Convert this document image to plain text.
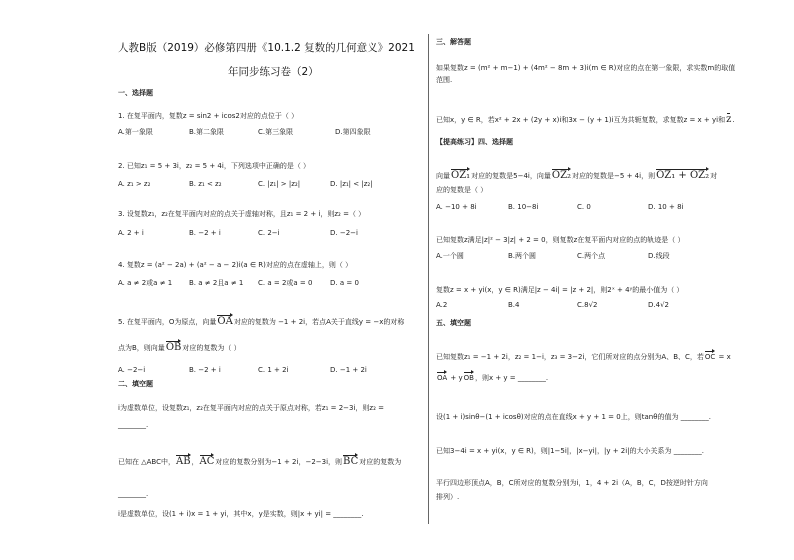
人教B版（2019）必修第四册《10.1.2 复数的几何意义》2021
年同步练习卷（2）
一、选择题
1. 在复平面内，复数z = sin2 + icos2对应的点位于（ ）
A.第一象限	B.第二象限	C.第三象限	D.第四象限
2. 已知z₁ = 5 + 3i，z₂ = 5 + 4i，下列选项中正确的是（ ）
A. z₁ > z₂	B. z₁ < z₂	C. |z₁| > |z₂|	D. |z₁| < |z₂|
3. 设复数z₁，z₂在复平面内对应的点关于虚轴对称，且z₁ = 2 + i，则z₂ =（ ）
A. 2 + i	B. −2 + i	C. 2−i	D. −2−i
4. 复数z = (a² − 2a) + (a² − a − 2)i(a ∈ R)对应的点在虚轴上，则（ ）
A. a ≠ 2或a ≠ 1 B. a ≠ 2且a ≠ 1 C. a = 2或a = 0	D. a = 0
5. 在复平面内，O为原点，向量OA对应的复数为 −1 + 2i，若点A关于直线y = −x的对称
点为B，则向量OB对应的复数为（ ）
A. −2−i	B. −2 + i	C. 1 + 2i	D. −1 + 2i
二、填空题
i为虚数单位，设复数z₁，z₂在复平面内对应的点关于原点对称，若z₁ = 2−3i，则z₂ =
________.
已知在 △ABC中，AB，AC对应的复数分别为−1 + 2i，−2−3i，则BC对应的复数为
________.
i是虚数单位，设(1 + i)x = 1 + yi，其中x，y是实数，则|x + yi| = ________.
三、解答题
如果复数z = (m² + m−1) + (4m² − 8m + 3)i(m ∈ R)对应的点在第一象限，求实数m的取值
范围.
已知x，y ∈ R，若x² + 2x + (2y + x)i和3x − (y + 1)i互为共轭复数，求复数z = x + yi和z.
【提高练习】四、选择题
向量OZ₁对应的复数是5−4i，向量OZ₂对应的复数是−5 + 4i，则OZ₁ + OZ₂对
应的复数是（ ）
A. −10 + 8i	B. 10−8i	C. 0	D. 10 + 8i
已知复数z满足|z|² − 3|z| + 2 = 0，则复数z在复平面内对应的点的轨迹是（ ）
A.一个圆	B.两个圆	C.两个点	D.线段
复数z = x + yi(x，y ∈ R)满足|z − 4i| = |z + 2|，则2ˣ + 4ʸ的最小值为（ ）
A.2	B.4	C.8√2	D.4√2
五、填空题
已知复数z₁ = −1 + 2i，z₂ = 1−i，z₃ = 3−2i，它们所对应的点分别为A、B、C，若OC = x
OA + yOB，则x + y = ________.
设(1 + i)sinθ−(1 + icosθ)对应的点在直线x + y + 1 = 0上，则tanθ的值为 ________.
已知3−4i = x + yi(x，y ∈ R)，则|1−5i|，|x−yi|，|y + 2i|的大小关系为 ________.
平行四边形顶点A，B，C所对应的复数分别为i，1，4 + 2i（A，B，C，D按逆时针方向
排列）.
